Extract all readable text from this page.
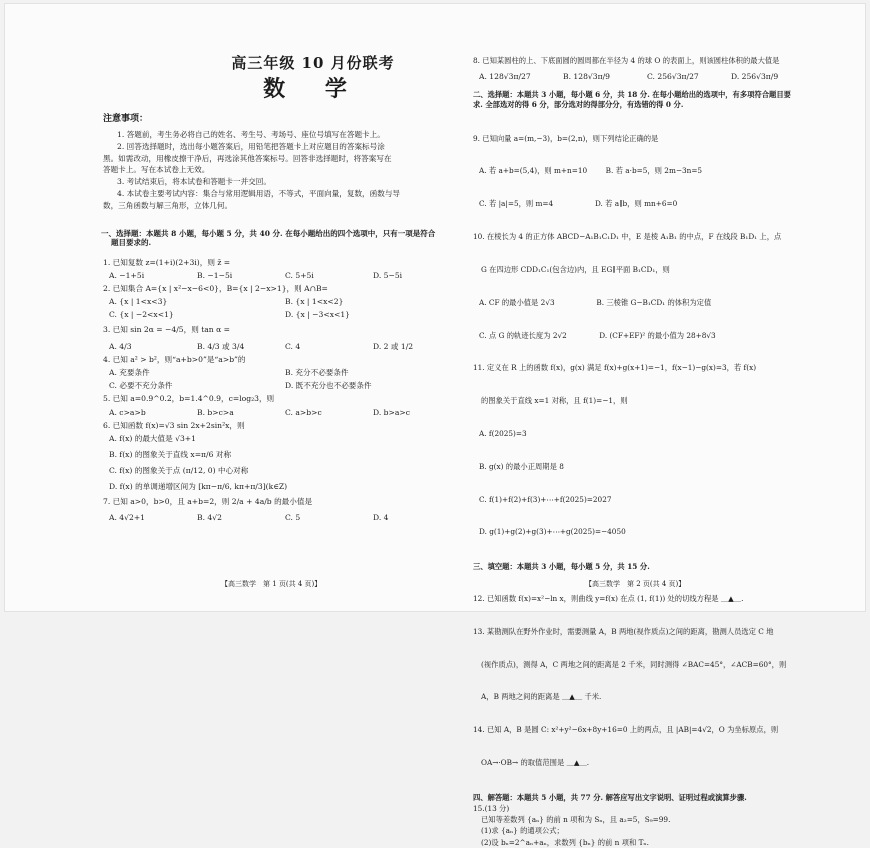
高三年级 10 月份联考
数 学
注意事项：

1. 答题前，考生务必将自己的姓名、考生号、考场号、座位号填写在答题卡上。

2. 回答选择题时，选出每小题答案后，用铅笔把答题卡上对应题目的答案标号涂

黑。如需改动，用橡皮擦干净后，再选涂其他答案标号。回答非选择题时，将答案写在

答题卡上。写在本试卷上无效。

3. 考试结束后，将本试卷和答题卡一并交回。

4. 本试卷主要考试内容：集合与常用逻辑用语，不等式，平面向量，复数，函数与导

数，三角函数与解三角形，立体几何。

一、选择题：本题共 8 小题，每小题 5 分，共 40 分. 在每小题给出的四个选项中，只有一项是符合
题目要求的.
1. 已知复数 z=(1+i)(2+3i)，则 z̄ =
A. −1+5i	B. −1−5i	C. 5+5i	D. 5−5i
2. 已知集合 A={x | x²−x−6<0}，B={x | 2−x>1}，则 A∩B=
A. {x | 1<x<3}	B. {x | 1<x<2}
C. {x | −2<x<1}	D. {x | −3<x<1}
3. 已知 sin 2α = −4/5，则 tan α =
A. 4/3	B. 4/3 或 3/4	C. 4	D. 2 或 1/2
4. 已知 a² > b²，则“a+b>0”是“a>b”的
A. 充要条件	B. 充分不必要条件
C. 必要不充分条件	D. 既不充分也不必要条件
5. 已知 a=0.9^0.2，b=1.4^0.9，c=log₂3，则
A. c>a>b	B. b>c>a	C. a>b>c	D. b>a>c
6. 已知函数 f(x)=√3 sin 2x+2sin²x，则
A. f(x) 的最大值是 √3+1
B. f(x) 的图象关于直线 x=π/6 对称
C. f(x) 的图象关于点 (π/12, 0) 中心对称
D. f(x) 的单调递增区间为 [kπ−π/6, kπ+π/3](k∈Z)
7. 已知 a>0，b>0，且 a+b=2，则 2/a + 4a/b 的最小值是
A. 4√2+1	B. 4√2	C. 5	D. 4
【高三数学　第 1 页(共 4 页)】
8. 已知某圆柱的上、下底面圆的圆周都在半径为 4 的球 O 的表面上，则该圆柱体积的最大值是
A. 128√3π/27	B. 128√3π/9	C. 256√3π/27	D. 256√3π/9
二、选择题：本题共 3 小题，每小题 6 分，共 18 分. 在每小题给出的选项中，有多项符合题目要
求. 全部选对的得 6 分，部分选对的得部分分，有选错的得 0 分.

9. 已知向量 a=(m,−3)，b=(2,n)，则下列结论正确的是

A. 若 a+b=(5,4)，则 m+n=10        B. 若 a·b=5，则 2m−3n=5

C. 若 |a|=5，则 m=4                  D. 若 a∥b，则 mn+6=0

10. 在棱长为 4 的正方体 ABCD−A₁B₁C₁D₁ 中，E 是棱 A₁B₁ 的中点，F 在线段 B₁D₁ 上，点

G 在四边形 CDD₁C₁(包含边)内，且 EG∥平面 B₁CD₁，则

A. CF 的最小值是 2√3                  B. 三棱锥 G−B₁CD₁ 的体积为定值

C. 点 G 的轨迹长度为 2√2              D. (CF+EF)² 的最小值为 28+8√3

11. 定义在 R 上的函数 f(x)，g(x) 满足 f(x)+g(x+1)=−1，f(x−1)−g(x)=3，若 f(x)

的图象关于直线 x=1 对称，且 f(1)=−1，则

A. f(2025)=3

B. g(x) 的最小正周期是 8

C. f(1)+f(2)+f(3)+⋯+f(2025)=2027

D. g(1)+g(2)+g(3)+⋯+g(2025)=−4050

三、填空题：本题共 3 小题，每小题 5 分，共 15 分.

12. 已知函数 f(x)=x²−ln x，则曲线 y=f(x) 在点 (1, f(1)) 处的切线方程是 ＿▲＿.

13. 某勘测队在野外作业时，需要测量 A，B 两地(视作质点)之间的距离，勘测人员选定 C 地

(视作质点)，测得 A，C 两地之间的距离是 2 千米，同时测得 ∠BAC=45°，∠ACB=60°，则

A，B 两地之间的距离是 ＿▲＿ 千米.

14. 已知 A，B 是圆 C: x²+y²−6x+8y+16=0 上的两点，且 |AB|=4√2，O 为坐标原点，则

OA→·OB→ 的取值范围是 ＿▲＿.

四、解答题：本题共 5 小题，共 77 分. 解答应写出文字说明、证明过程或演算步骤.
15.(13 分)
已知等差数列 {aₙ} 的前 n 项和为 Sₙ，且 a₂=5，S₉=99.
(1)求 {aₙ} 的通项公式；
(2)设 bₙ=2^aₙ+aₙ，求数列 {bₙ} 的前 n 项和 Tₙ.
【高三数学　第 2 页(共 4 页)】
